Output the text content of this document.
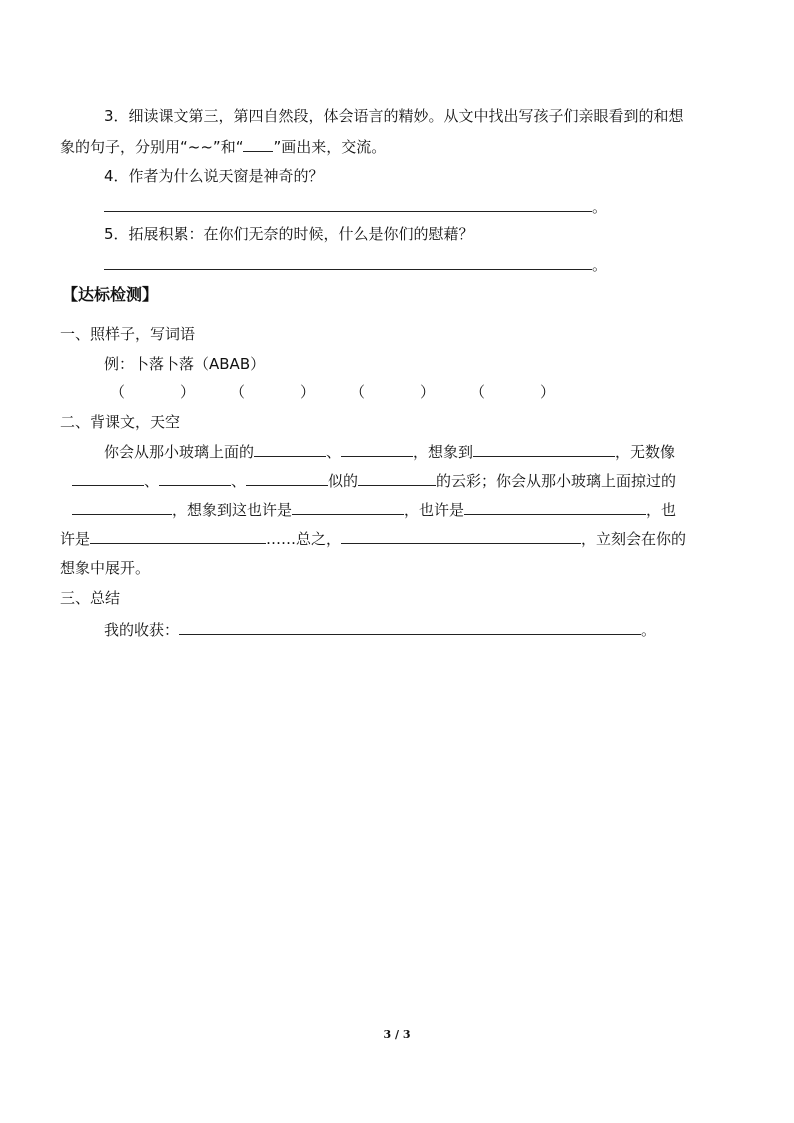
3．细读课文第三，第四自然段，体会语言的精妙。从文中找出写孩子们亲眼看到的和想
象的句子，分别用“~~”和“ ”画出来，交流。
4．作者为什么说天窗是神奇的？
。
5．拓展积累：在你们无奈的时候，什么是你们的慰藉？
。
【达标检测】
一、照样子，写词语
例：卜落卜落（ABAB）
（	） （	） （	） （	）
二、背课文，天空
你会从那小玻璃上面的	、	，想象到	，无数像
、	、	似的	的云彩；你会从那小玻璃上面掠过的
，想象到这也许是	，也许是	，也
许是	……总之，	，立刻会在你的
想象中展开。
三、总结
我的收获：	。
3 / 3
